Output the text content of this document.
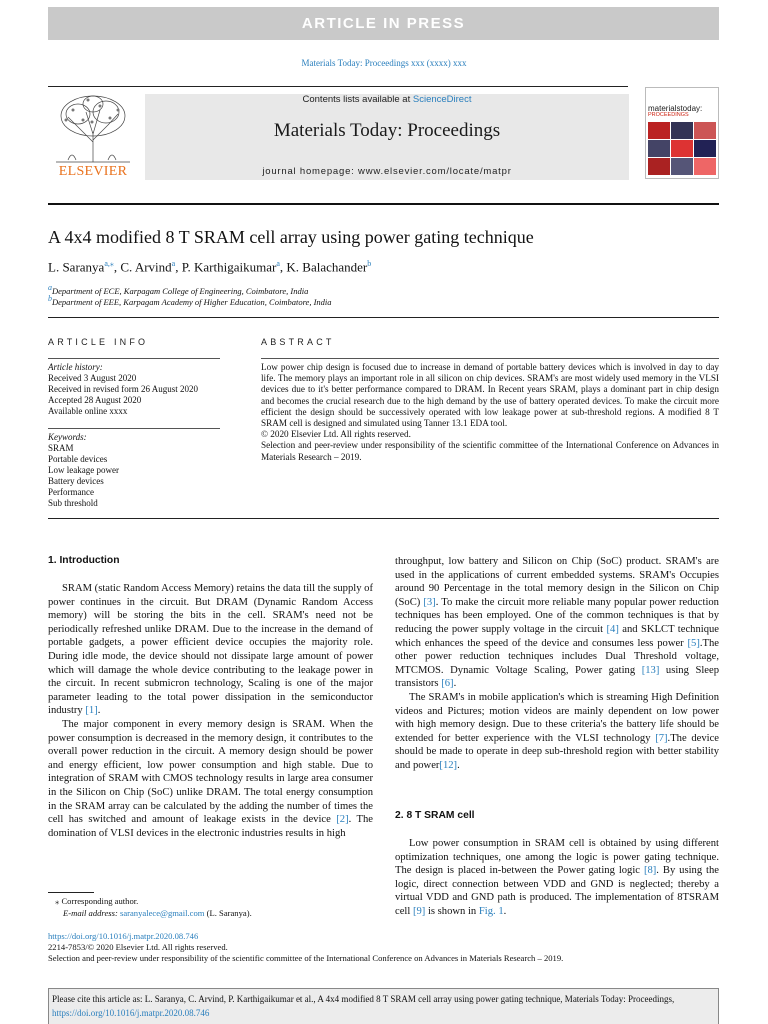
ARTICLE IN PRESS
Materials Today: Proceedings xxx (xxxx) xxx
ELSEVIER
Contents lists available at ScienceDirect
Materials Today: Proceedings
journal homepage: www.elsevier.com/locate/matpr
materialstoday:
PROCEEDINGS
A 4x4 modified 8 T SRAM cell array using power gating technique
L. Saranya$^{a,⁎}$, C. Arvind$^a$, P. Karthigaikumar$^a$, K. Balachander$^b$
$^a$Department of ECE, Karpagam College of Engineering, Coimbatore, India
$^b$Department of EEE, Karpagam Academy of Higher Education, Coimbatore, India
ARTICLE INFO
Article history:
Received 3 August 2020
Received in revised form 26 August 2020
Accepted 28 August 2020
Available online xxxx
Keywords:
SRAM
Portable devices
Low leakage power
Battery devices
Performance
Sub threshold
ABSTRACT
Low power chip design is focused due to increase in demand of portable battery devices which is involved in day to day life. The memory plays an important role in all silicon on chip devices. SRAM's are most widely used memory in the VLSI devices due to it's better performance compared to DRAM. In Recent years SRAM, plays a dominant part in chip design and becomes the crucial research due to the high demand by the use of battery operated devices. To make the circuit more efficient the design should be successively operated with low leakage power at sub-threshold regions. A modified 8 T SRAM cell is designed and simulated using Tanner 13.1 EDA tool.
© 2020 Elsevier Ltd. All rights reserved.
Selection and peer-review under responsibility of the scientific committee of the International Conference on Advances in Materials Research – 2019.
1. Introduction

SRAM (static Random Access Memory) retains the data till the supply of power continues in the circuit. But DRAM (Dynamic Random Access memory) will be storing the bits in the cell. SRAM's need not be periodically refreshed unlike DRAM. Due to the increase in the demand of portable gadgets, a power efficient device occupies the majority role. During idle mode, the device should not dissipate large amount of power which will damage the whole device contributing to the leakage power in the circuit. In recent submicron technology, Scaling is one of the major parameter leading to the total power dissipation in the semiconductor industry [1].

The major component in every memory design is SRAM. When the power consumption is decreased in the memory design, it contributes to the overall power reduction in the circuit. A memory design should be power and energy efficient, low power consumption and high stable. Due to integration of SRAM with CMOS technology results in large area consumer in the Silicon on Chip (SoC) unlike DRAM. The total energy consumption in the SRAM array can be calculated by the adding the number of times the cell has switched and amount of leakage exists in the device [2]. The domination of VLSI devices in the electronic industries results in high

throughput, low battery and Silicon on Chip (SoC) product. SRAM's are used in the applications of current embedded systems. SRAM's Occupies around 90 Percentage in the total memory design in the Silicon on Chip (SoC) [3]. To make the circuit more reliable many popular power reduction techniques has been employed. One of the common techniques is that by reducing the power supply voltage in the circuit [4] and SKLCT technique which enhances the speed of the device and consumes less power [5].The other power reduction techniques includes Dual Threshold voltage, MTCMOS. Dynamic Voltage Scaling, Power gating [13] using Sleep transistors [6].

The SRAM's in mobile application's which is streaming High Definition videos and Pictures; motion videos are mainly dependent on low power with high memory design. Due to these criteria's the battery life should be extended for better experience with the VLSI technology [7].The device should be made to operate in deep sub-threshold region with better stability and power[12].

2. 8 T SRAM cell

Low power consumption in SRAM cell is obtained by using different optimization techniques, one among the logic is power gating technique. The design is placed in-between the Power gating logic [8]. By using the logic, direct connection between VDD and GND is neglected; thereby a virtual VDD and GND path is produced. The implementation of 8TSRAM cell [9] is shown in Fig. 1.

⁎ Corresponding author.
E-mail address: saranyalece@gmail.com (L. Saranya).
https://doi.org/10.1016/j.matpr.2020.08.746
2214-7853/© 2020 Elsevier Ltd. All rights reserved.
Selection and peer-review under responsibility of the scientific committee of the International Conference on Advances in Materials Research – 2019.
Please cite this article as: L. Saranya, C. Arvind, P. Karthigaikumar et al., A 4x4 modified 8 T SRAM cell array using power gating technique, Materials Today: Proceedings, https://doi.org/10.1016/j.matpr.2020.08.746
